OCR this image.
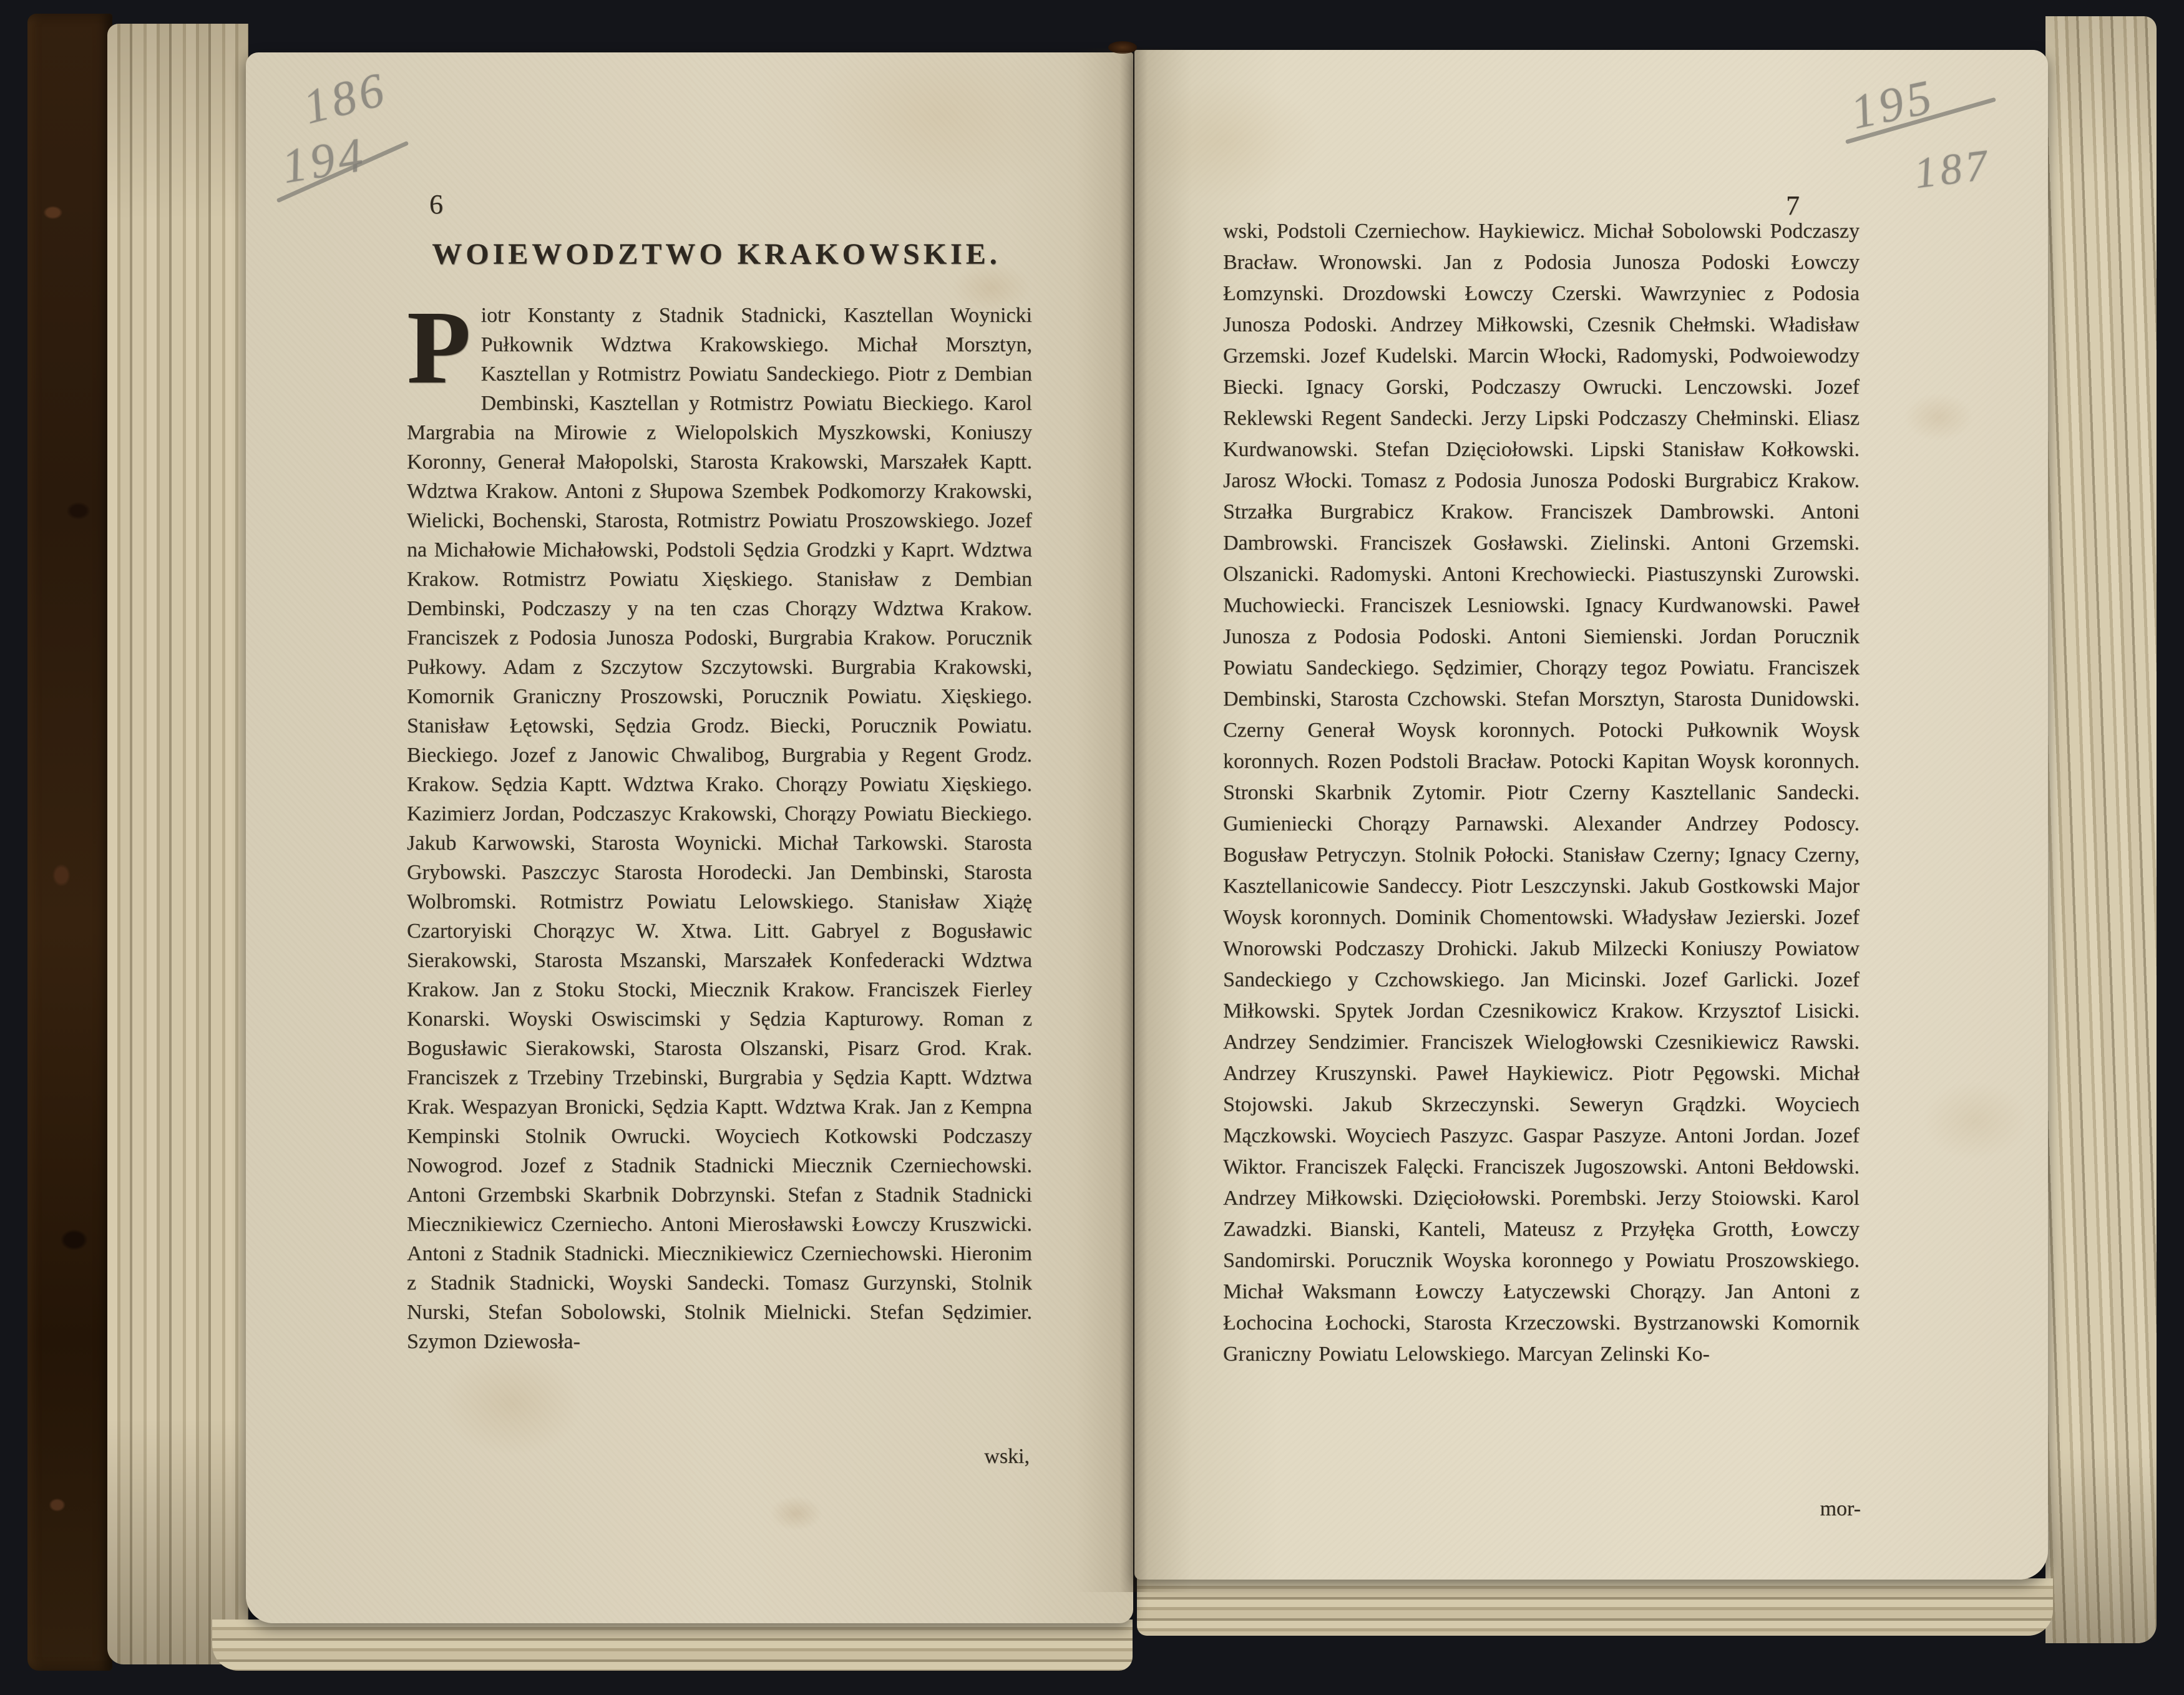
186
194
6
WOIEWODZTWO KRAKOWSKIE.
Piotr Konstanty z Stadnik Stadnicki, Kasztellan Woynicki Pułkownik Wdztwa Krakowskiego. Michał Morsztyn, Kasztellan y Rotmistrz Powiatu Sandeckiego. Piotr z Dembian Dembinski, Kasztellan y Rotmistrz Powiatu Bieckiego. Karol Margrabia na Mirowie z Wielopolskich Myszkowski, Koniuszy Koronny, Generał Małopolski, Starosta Krakowski, Marszałek Kaptt. Wdztwa Krakow. Antoni z Słupowa Szembek Podkomorzy Krakowski, Wielicki, Bochenski, Starosta, Rotmistrz Powiatu Proszowskiego. Jozef na Michałowie Michałowski, Podstoli Sędzia Grodzki y Kaprt. Wdztwa Krakow. Rotmistrz Powiatu Xięskiego. Stanisław z Dembian Dembinski, Podczaszy y na ten czas Chorązy Wdztwa Krakow. Franciszek z Podosia Junosza Podoski, Burgrabia Krakow. Porucznik Pułkowy. Adam z Szczytow Szczytowski. Burgrabia Krakowski, Komornik Graniczny Proszowski, Porucznik Powiatu. Xięskiego. Stanisław Łętowski, Sędzia Grodz. Biecki, Porucznik Powiatu. Bieckiego. Jozef z Janowic Chwalibog, Burgrabia y Regent Grodz. Krakow. Sędzia Kaptt. Wdztwa Krako. Chorązy Powiatu Xięskiego. Kazimierz Jordan, Podczaszyc Krakowski, Chorązy Powiatu Bieckiego. Jakub Karwowski, Starosta Woynicki. Michał Tarkowski. Starosta Grybowski. Paszczyc Starosta Horodecki. Jan Dembinski, Starosta Wolbromski. Rotmistrz Powiatu Lelowskiego. Stanisław Xiążę Czartoryiski Chorązyc W. Xtwa. Litt. Gabryel z Bogusławic Sierakowski, Starosta Mszanski, Marszałek Konfederacki Wdztwa Krakow. Jan z Stoku Stocki, Miecznik Krakow. Franciszek Fierley Konarski. Woyski Oswiscimski y Sędzia Kapturowy. Roman z Bogusławic Sierakowski, Starosta Olszanski, Pisarz Grod. Krak. Franciszek z Trzebiny Trzebinski, Burgrabia y Sędzia Kaptt. Wdztwa Krak. Wespazyan Bronicki, Sędzia Kaptt. Wdztwa Krak. Jan z Kempna Kempinski Stolnik Owrucki. Woyciech Kotkowski Podczaszy Nowogrod. Jozef z Stadnik Stadnicki Miecznik Czerniechowski. Antoni Grzembski Skarbnik Dobrzynski. Stefan z Stadnik Stadnicki Miecznikiewicz Czerniecho. Antoni Mierosławski Łowczy Kruszwicki. Antoni z Stadnik Stadnicki. Miecznikiewicz Czerniechowski. Hieronim z Stadnik Stadnicki, Woyski Sandecki. Tomasz Gurzynski, Stolnik Nurski, Stefan Sobolowski, Stolnik Mielnicki. Stefan Sędzimier. Szymon Dziewosła-
wski,
195
187
7
wski, Podstoli Czerniechow. Haykiewicz. Michał Sobolowski Podczaszy Bracław. Wronowski. Jan z Podosia Junosza Podoski Łowczy Łomzynski. Drozdowski Łowczy Czerski. Wawrzyniec z Podosia Junosza Podoski. Andrzey Miłkowski, Czesnik Chełmski. Władisław Grzemski. Jozef Kudelski. Marcin Włocki, Radomyski, Podwoiewodzy Biecki. Ignacy Gorski, Podczaszy Owrucki. Lenczowski. Jozef Reklewski Regent Sandecki. Jerzy Lipski Podczaszy Chełminski. Eliasz Kurdwanowski. Stefan Dzięciołowski. Lipski Stanisław Kołkowski. Jarosz Włocki. Tomasz z Podosia Junosza Podoski Burgrabicz Krakow. Strzałka Burgrabicz Krakow. Franciszek Dambrowski. Antoni Dambrowski. Franciszek Gosławski. Zielinski. Antoni Grzemski. Olszanicki. Radomyski. Antoni Krechowiecki. Piastuszynski Zurowski. Muchowiecki. Franciszek Lesniowski. Ignacy Kurdwanowski. Paweł Junosza z Podosia Podoski. Antoni Siemienski. Jordan Porucznik Powiatu Sandeckiego. Sędzimier, Chorązy tegoz Powiatu. Franciszek Dembinski, Starosta Czchowski. Stefan Morsztyn, Starosta Dunidowski. Czerny Generał Woysk koronnych. Potocki Pułkownik Woysk koronnych. Rozen Podstoli Bracław. Potocki Kapitan Woysk koronnych. Stronski Skarbnik Zytomir. Piotr Czerny Kasztellanic Sandecki. Gumieniecki Chorązy Parnawski. Alexander Andrzey Podoscy. Bogusław Petryczyn. Stolnik Połocki. Stanisław Czerny; Ignacy Czerny, Kasztellanicowie Sandeccy. Piotr Leszczynski. Jakub Gostkowski Major Woysk koronnych. Dominik Chomentowski. Władysław Jezierski. Jozef Wnorowski Podczaszy Drohicki. Jakub Milzecki Koniuszy Powiatow Sandeckiego y Czchowskiego. Jan Micinski. Jozef Garlicki. Jozef Miłkowski. Spytek Jordan Czesnikowicz Krakow. Krzysztof Lisicki. Andrzey Sendzimier. Franciszek Wielogłowski Czesnikiewicz Rawski. Andrzey Kruszynski. Paweł Haykiewicz. Piotr Pęgowski. Michał Stojowski. Jakub Skrzeczynski. Seweryn Grądzki. Woyciech Mączkowski. Woyciech Paszyzc. Gaspar Paszyze. Antoni Jordan. Jozef Wiktor. Franciszek Falęcki. Franciszek Jugoszowski. Antoni Bełdowski. Andrzey Miłkowski. Dzięciołowski. Porembski. Jerzy Stoiowski. Karol Zawadzki. Bianski, Kanteli, Mateusz z Przyłęka Grotth, Łowczy Sandomirski. Porucznik Woyska koronnego y Powiatu Proszowskiego. Michał Waksmann Łowczy Łatyczewski Chorązy. Jan Antoni z Łochocina Łochocki, Starosta Krzeczowski. Bystrzanowski Komornik Graniczny Powiatu Lelowskiego. Marcyan Zelinski Ko-
mor-
